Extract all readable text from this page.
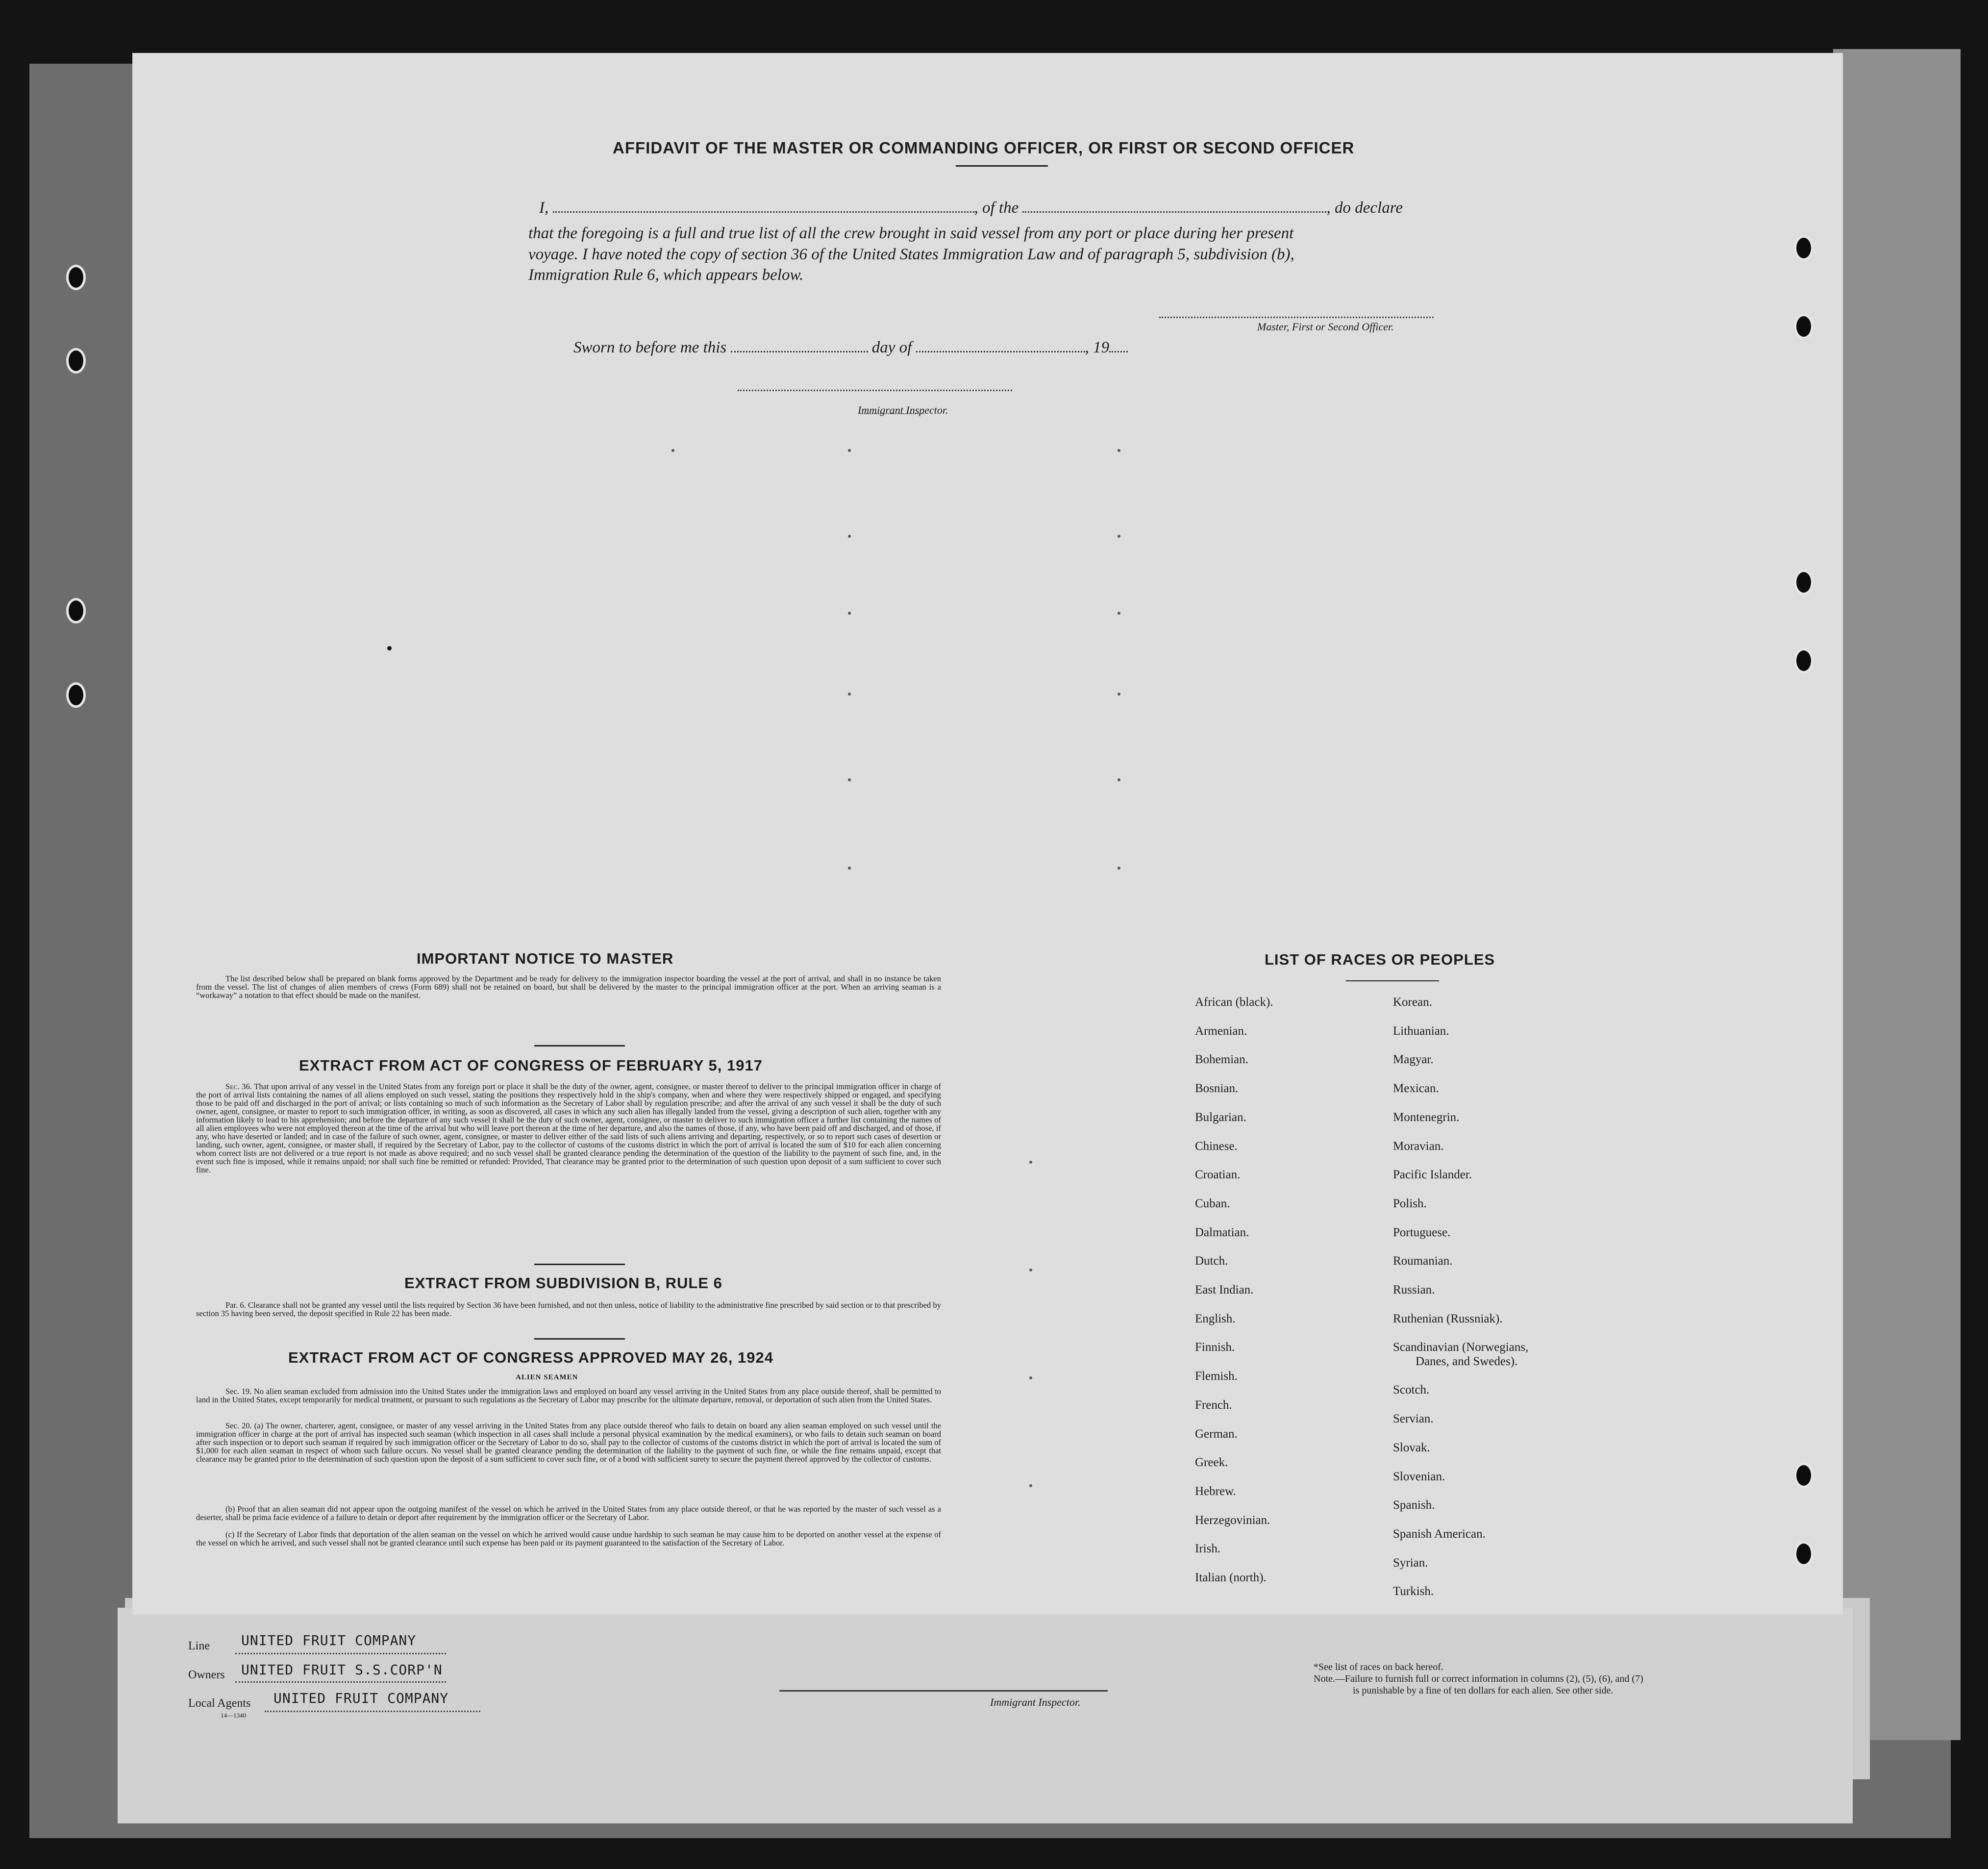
Line UNITED FRUIT COMPANY
Owners UNITED FRUIT S.S.CORP'N
Local Agents UNITED FRUIT COMPANY
14—1340
Immigrant Inspector.
*See list of races on back hereof.
Note.—Failure to furnish full or correct information in columns (2), (5), (6), and (7)
is punishable by a fine of ten dollars for each alien. See other side.
AFFIDAVIT OF THE MASTER OR COMMANDING OFFICER, OR FIRST OR SECOND OFFICER
I,	, of the	, do declare
that the foregoing is a full and true list of all the crew brought in said vessel from any port or place during her present
voyage. I have noted the copy of section 36 of the United States Immigration Law and of paragraph 5, subdivision (b),
Immigration Rule 6, which appears below.
Master, First or Second Officer.
Sworn to before me this	day of	, 19
Immigrant Inspector.
IMPORTANT NOTICE TO MASTER
The list described below shall be prepared on blank forms approved by the Department and be ready for delivery to the immigration inspector boarding the vessel at the port of arrival, and shall in no instance be taken from the vessel. The list of changes of alien members of crews (Form 689) shall not be retained on board, but shall be delivered by the master to the principal immigration officer at the port. When an arriving seaman is a “workaway” a notation to that effect should be made on the manifest.
EXTRACT FROM ACT OF CONGRESS OF FEBRUARY 5, 1917
Sec. 36. That upon arrival of any vessel in the United States from any foreign port or place it shall be the duty of the owner, agent, consignee, or master thereof to deliver to the principal immigration officer in charge of the port of arrival lists containing the names of all aliens employed on such vessel, stating the positions they respectively hold in the ship's company, when and where they were respectively shipped or engaged, and specifying those to be paid off and discharged in the port of arrival; or lists containing so much of such information as the Secretary of Labor shall by regulation prescribe; and after the arrival of any such vessel it shall be the duty of such owner, agent, consignee, or master to report to such immigration officer, in writing, as soon as discovered, all cases in which any such alien has illegally landed from the vessel, giving a description of such alien, together with any information likely to lead to his apprehension; and before the departure of any such vessel it shall be the duty of such owner, agent, consignee, or master to deliver to such immigration officer a further list containing the names of all alien employees who were not employed thereon at the time of the arrival but who will leave port thereon at the time of her departure, and also the names of those, if any, who have been paid off and discharged, and of those, if any, who have deserted or landed; and in case of the failure of such owner, agent, consignee, or master to deliver either of the said lists of such aliens arriving and departing, respectively, or so to report such cases of desertion or landing, such owner, agent, consignee, or master shall, if required by the Secretary of Labor, pay to the collector of customs of the customs district in which the port of arrival is located the sum of $10 for each alien concerning whom correct lists are not delivered or a true report is not made as above required; and no such vessel shall be granted clearance pending the determination of the question of the liability to the payment of such fine, and, in the event such fine is imposed, while it remains unpaid; nor shall such fine be remitted or refunded: Provided, That clearance may be granted prior to the determination of such question upon deposit of a sum sufficient to cover such fine.
EXTRACT FROM SUBDIVISION B, RULE 6
Par. 6. Clearance shall not be granted any vessel until the lists required by Section 36 have been furnished, and not then unless, notice of liability to the administrative fine prescribed by said section or to that prescribed by section 35 having been served, the deposit specified in Rule 22 has been made.
EXTRACT FROM ACT OF CONGRESS APPROVED MAY 26, 1924
ALIEN SEAMEN
Sec. 19. No alien seaman excluded from admission into the United States under the immigration laws and employed on board any vessel arriving in the United States from any place outside thereof, shall be permitted to land in the United States, except temporarily for medical treatment, or pursuant to such regulations as the Secretary of Labor may prescribe for the ultimate departure, removal, or deportation of such alien from the United States.
Sec. 20. (a) The owner, charterer, agent, consignee, or master of any vessel arriving in the United States from any place outside thereof who fails to detain on board any alien seaman employed on such vessel until the immigration officer in charge at the port of arrival has inspected such seaman (which inspection in all cases shall include a personal physical examination by the medical examiners), or who fails to detain such seaman on board after such inspection or to deport such seaman if required by such immigration officer or the Secretary of Labor to do so, shall pay to the collector of customs of the customs district in which the port of arrival is located the sum of $1,000 for each alien seaman in respect of whom such failure occurs. No vessel shall be granted clearance pending the determination of the liability to the payment of such fine, or while the fine remains unpaid, except that clearance may be granted prior to the determination of such question upon the deposit of a sum sufficient to cover such fine, or of a bond with sufficient surety to secure the payment thereof approved by the collector of customs.
(b) Proof that an alien seaman did not appear upon the outgoing manifest of the vessel on which he arrived in the United States from any place outside thereof, or that he was reported by the master of such vessel as a deserter, shall be prima facie evidence of a failure to detain or deport after requirement by the immigration officer or the Secretary of Labor.
(c) If the Secretary of Labor finds that deportation of the alien seaman on the vessel on which he arrived would cause undue hardship to such seaman he may cause him to be deported on another vessel at the expense of the vessel on which he arrived, and such vessel shall not be granted clearance until such expense has been paid or its payment guaranteed to the satisfaction of the Secretary of Labor.
LIST OF RACES OR PEOPLES
African (black).
Armenian.
Bohemian.
Bosnian.
Bulgarian.
Chinese.
Croatian.
Cuban.
Dalmatian.
Dutch.
East Indian.
English.
Finnish.
Flemish.
French.
German.
Greek.
Hebrew.
Herzegovinian.
Irish.
Italian (north).
Korean.
Lithuanian.
Magyar.
Mexican.
Montenegrin.
Moravian.
Pacific Islander.
Polish.
Portuguese.
Roumanian.
Russian.
Ruthenian (Russniak).
Scandinavian (Norwegians,
Danes, and Swedes).
Scotch.
Servian.
Slovak.
Slovenian.
Spanish.
Spanish American.
Syrian.
Turkish.
